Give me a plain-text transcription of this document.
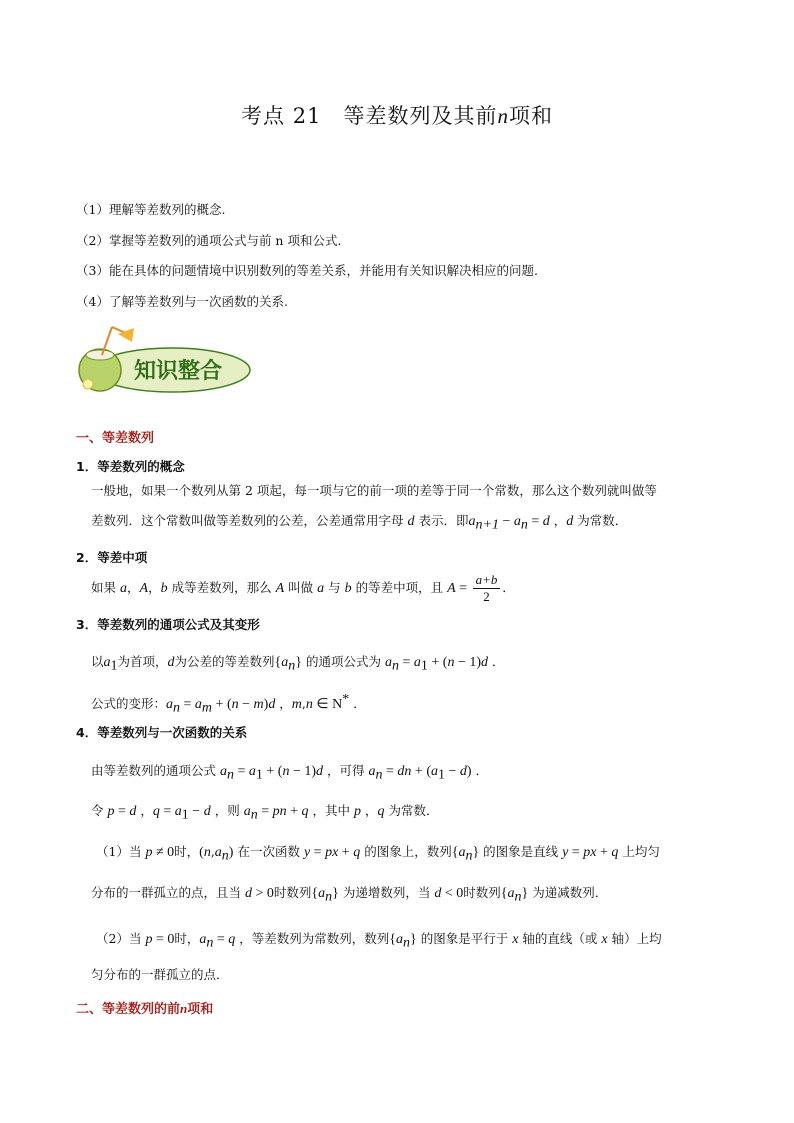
考点 21 等差数列及其前n项和
（1）理解等差数列的概念.
（2）掌握等差数列的通项公式与前 n 项和公式.
（3）能在具体的问题情境中识别数列的等差关系，并能用有关知识解决相应的问题.
（4）了解等差数列与一次函数的关系.
知识整合
一、等差数列
1．等差数列的概念
一般地，如果一个数列从第 2 项起，每一项与它的前一项的差等于同一个常数，那么这个数列就叫做等
差数列．这个常数叫做等差数列的公差，公差通常用字母 d 表示．即$a_{n+1} - a_n = d$ ，d 为常数．
2．等差中项
如果 a，A，b 成等差数列，那么 A 叫做 a 与 b 的等差中项，且 $A = \frac{a+b}{2}$ ．
3．等差数列的通项公式及其变形
以$a_1$为首项，d为公差的等差数列$\{a_n\}$ 的通项公式为 $a_n = a_1 + (n - 1)d$ ．
公式的变形：$a_n = a_m + (n - m)d$ ，m,n ∈ N* ．
4．等差数列与一次函数的关系
由等差数列的通项公式 $a_n = a_1 + (n - 1)d$ ，可得 $a_n$ = dn + $(a_1 - d)$ ．
令 p = d ，$q = a_1 - d$ ，则 $a_n$ = pn + q ，其中 p ，q 为常数．
（1）当 p ≠ 0时，$(n,a_n)$ 在一次函数 y = px + q 的图象上，数列$\{a_n\}$ 的图象是直线 y = px + q 上均匀
分布的一群孤立的点，且当 d > 0时数列$\{a_n\}$ 为递增数列，当 d < 0时数列$\{a_n\}$ 为递减数列．
（2）当 p = 0时，$a_n = q$ ，等差数列为常数列，数列$\{a_n\}$ 的图象是平行于 x 轴的直线（或 x 轴）上均
匀分布的一群孤立的点．
二、等差数列的前n项和
